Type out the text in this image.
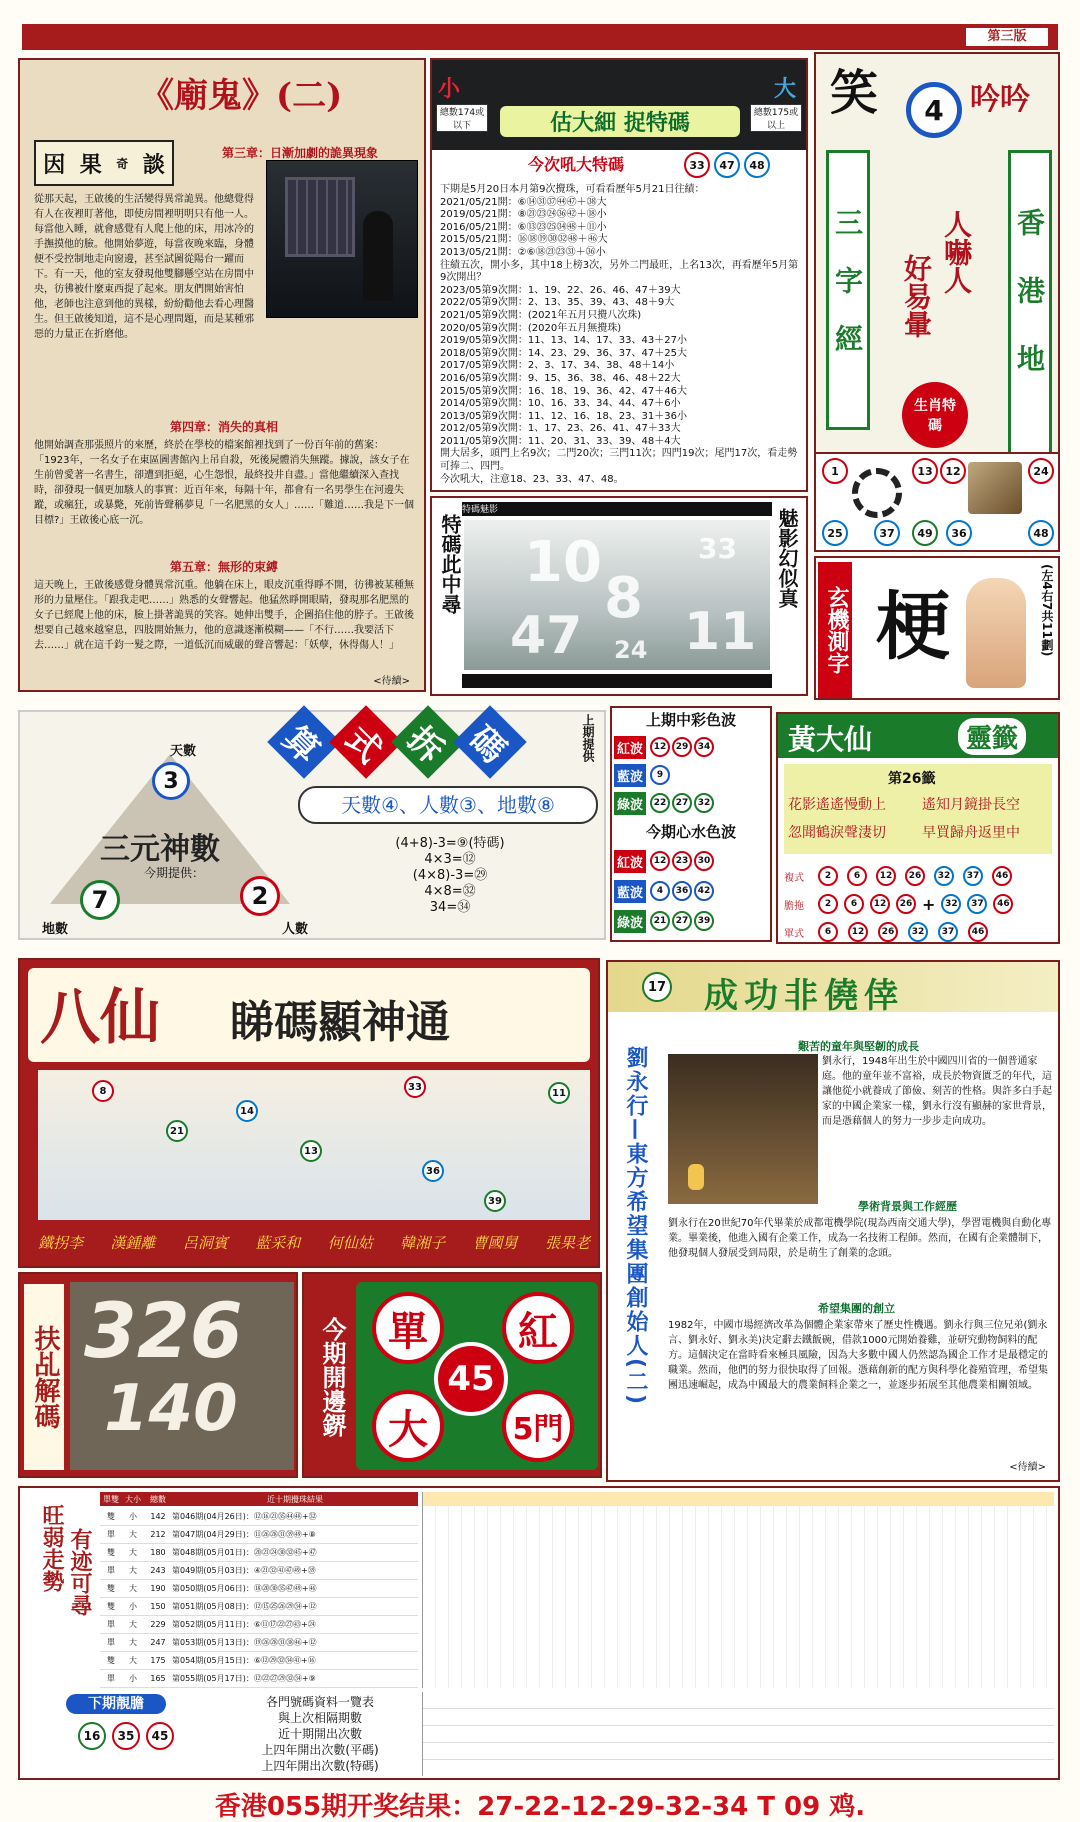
第三版
《廟鬼》(二)
因 果 奇 談	第三章：日漸加劇的詭異現象
從那天起，王啟後的生活變得異常詭異。他總覺得有人在夜裡盯著他，即使房間裡明明只有他一人。每當他入睡，就會感覺有人爬上他的床，用冰冷的手撫摸他的臉。他開始夢遊，每當夜晚來臨，身體便不受控制地走向窗邊，甚至試圖從陽台一躍而下。有一天，他的室友發現他雙腳懸空站在房間中央，彷彿被什麼東西提了起來。朋友們開始害怕他，老師也注意到他的異樣，紛紛勸他去看心理醫生。但王啟後知道，這不是心理問題，而是某種邪惡的力量正在折磨他。
第四章：消失的真相
他開始調查那張照片的來歷，終於在學校的檔案館裡找到了一份百年前的舊案：「1923年，一名女子在東區圖書館內上吊自殺，死後屍體消失無蹤。據說，該女子在生前曾愛著一名書生，卻遭到拒絕，心生怨恨，最終投井自盡。」當他繼續深入查找時，卻發現一個更加駭人的事實：近百年來，每隔十年，都會有一名男學生在河邊失蹤，或瘋狂，或暴斃，死前皆聲稱夢見「一名肥黑的女人」……「難道……我是下一個目標?」王啟後心底一沉。
第五章：無形的束縛
這天晚上，王啟後感覺身體異常沉重。他躺在床上，眼皮沉重得睜不開，彷彿被某種無形的力量壓住。「跟我走吧……」熟悉的女聲響起。他猛然睜開眼睛，發現那名肥黑的女子已經爬上他的床，臉上掛著詭異的笑容。她伸出雙手，企圖掐住他的脖子。王啟後想要自己越來越窒息，四肢開始無力，他的意識逐漸模糊——「不行……我要活下去……」就在這千鈞一髮之際，一道低沉而威嚴的聲音響起：「妖孽，休得傷人！」
<待續>
小	大
總數174或以下
總數175或以上
估大細 捉特碼
今次吼大特碼	33	47	48
下期是5月20日本月第9次攪珠，可看看歷年5月21日往績：
2021/05/21開：⑥⑭㉛㊲㊹㊼＋㊳大
2019/05/21開：⑧㉑㉓㉔㊱㊷＋⑱小
2016/05/21開：⑥⑬㉓㉕㉞㊽＋⑪小
2015/05/21開：⑯⑱⑲㉚㉜㊽＋㊻大
2013/05/21開：②⑥⑱㉑㉓㉛＋㊱小
往績五次，開小多，其中18上榜3次，另外二門最旺，上名13次，再看歷年5月第9次開出？
2023/05第9次開：1、19、22、26、46、47＋39大
2022/05第9次開：2、13、35、39、43、48＋9大
2021/05第9次開：(2021年五月只攪八次珠)
2020/05第9次開：(2020年五月無攪珠)
2019/05第9次開：11、13、14、17、33、43＋27小
2018/05第9次開：14、23、29、36、37、47＋25大
2017/05第9次開：2、3、17、34、38、48＋14小
2016/05第9次開：9、15、36、38、46、48＋22大
2015/05第9次開：16、18、19、36、42、47＋46大
2014/05第9次開：10、16、33、34、44、47＋6小
2013/05第9次開：11、12、16、18、23、31＋36小
2012/05第9次開：1、17、23、26、41、47＋33大
2011/05第9次開：11、20、31、33、39、48＋4大
開大居多，頭門上名9次；二門20次；三門11次；四門19次；尾門17次，看走勢可捧二、四門。
今次吼大，注意18、23、33、47、48。
笑	4 吟吟
三字經	香港地
人嚇人
好易暈
生肖特碼
1	13	12	24
25	37	49	36	48
特碼此中尋	魅影幻似真
特碼魅影
10
8
47 11
33
24	玄機測字 梗	(左4右7共11劃)
算 式 拆 碼	上期提供
天數
3
三元神數
今期提供：
7	2
地數	人數
天數④、人數③、地數⑧
(4+8)-3=⑨(特碼)
4×3=⑫
(4×8)-3=㉙
4×8=㉜
34=㉞
上期中彩色波
紅波	12	29	34
藍波	9
綠波	22	27	32
今期心水色波
紅波	12	23	30
藍波	4	36	42
綠波	21	27	39
黃大仙	靈籤
第26籤
花影遙遙慢動上	遙知月鏡掛長空
忽聞鶴淚聲淒切	早買歸舟返里中
複式	2	6	12	26	32	37	46
膽拖	2	6	12	26 +	32	37	46
單式	6	12	26	32	37	46
八仙 睇碼顯神通
8
21
14
13
33
36
39
11
鐵拐李 漢鍾離 呂洞賓 藍采和 何仙姑 韓湘子 曹國舅 張果老
17 成功非僥倖
劉永行—東方希望集團創始人(二)	艱苦的童年與堅韌的成長
劉永行，1948年出生於中國四川省的一個普通家庭。他的童年並不富裕，成長於物資匱乏的年代，這讓他從小就養成了節儉、刻苦的性格。與許多白手起家的中國企業家一樣，劉永行沒有顯赫的家世背景，而是憑藉個人的努力一步步走向成功。
學術背景與工作經歷
劉永行在20世紀70年代畢業於成都電機學院(現為西南交通大學)，學習電機與自動化專業。畢業後，他進入國有企業工作，成為一名技術工程師。然而，在國有企業體制下，他發現個人發展受到局限，於是萌生了創業的念頭。
希望集團的創立
1982年，中國市場經濟改革為個體企業家帶來了歷史性機遇。劉永行與三位兄弟(劉永言、劉永好、劉永美)決定辭去鐵飯碗，借款1000元開始養雞，並研究動物飼料的配方。這個決定在當時看來極具風險，因為大多數中國人仍然認為國企工作才是最穩定的職業。然而，他們的努力很快取得了回報。憑藉創新的配方與科學化養殖管理，希望集團迅速崛起，成為中國最大的農業飼料企業之一，並逐步拓展至其他農業相關領域。
<待續>
扶乩解碼 326
140	今期開邊鎅	單	紅
大	5門
45
旺弱走勢 有迹可尋
單雙 大小	總數	近十期攪珠結果
雙	小	142 第046期(04月26日)：⑫⑯㉑㉟㊹㊽+㉜
單	大	212 第047期(04月29日)：⑪㉖㉘㉛㊴㊾+⑧
雙	大	180 第048期(05月01日)：⑳㉑㉔㉚㉜㊺+㊼
單	大	243 第049期(05月03日)：④㉑㉜㊶㊼㊾+㊴
雙	大	190 第050期(05月06日)：⑱⑳㉚㉟㊼㊾+㊻
雙	小	150 第051期(05月08日)：⑫⑮㉕㉖㉙㉞+⑫
單	大	229 第052期(05月11日)：⑥⑪⑰㉒㉗㊸+㉔
單	大	247 第053期(05月13日)：⑲㉖㉘㉛㊳㊻+⑫
雙	大	175 第054期(05月15日)：⑥⑫㉙㉜㉞㊶+⑯
單	小	165 第055期(05月17日)：⑫㉒㉗㉙㉜㉞+⑨
下期靚膽
16	35	45
各門號碼資料一覽表
與上次相隔期數
近十期開出次數
上四年開出次數(平碼)
上四年開出次數(特碼)
香港055期开奖结果：27-22-12-29-32-34 T 09 鸡.
